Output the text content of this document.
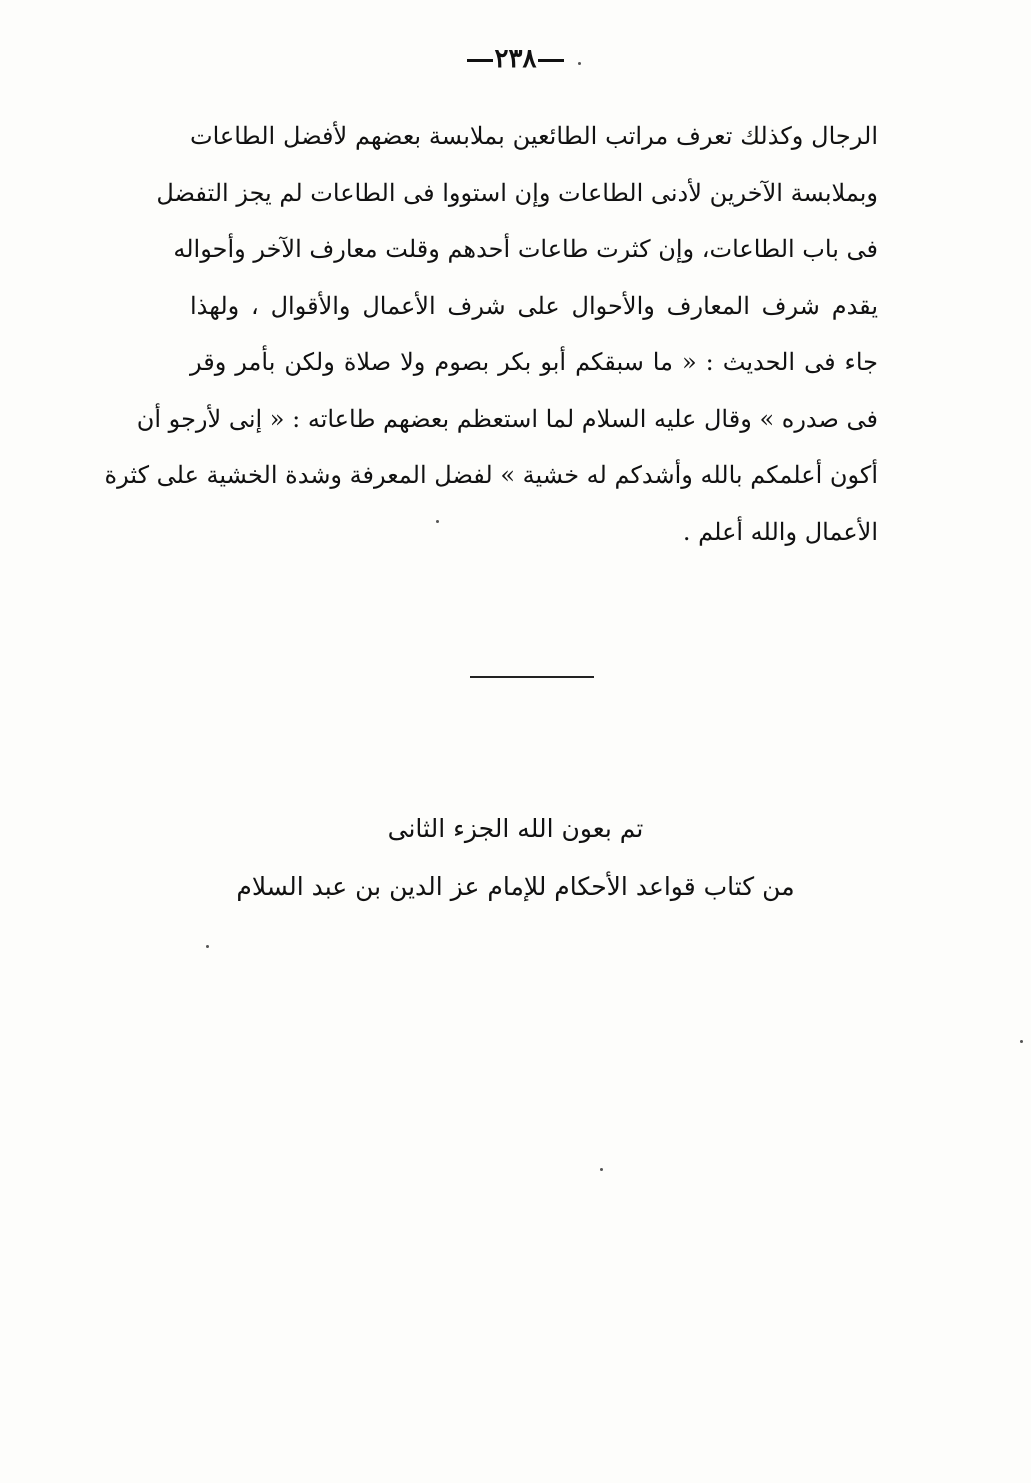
٢٣٨
الرجال وكذلك تعرف مراتب الطائعين بملابسة بعضهم لأفضل الطاعات
وبملابسة الآخرين لأدنى الطاعات وإن استووا فى الطاعات لم يجز التفضل
فى باب الطاعات، وإن كثرت طاعات أحدهم وقلت معارف الآخر وأحواله
يقدم شرف المعارف والأحوال على شرف الأعمال والأقوال ، ولهذا
جاء فى الحديث : « ما سبقكم أبو بكر بصوم ولا صلاة ولكن بأمر وقر
فى صدره » وقال عليه السلام لما استعظم بعضهم طاعاته : « إنى لأرجو أن
أكون أعلمكم بالله وأشدكم له خشية » لفضل المعرفة وشدة الخشية على كثرة
الأعمال والله أعلم .
تم بعون الله الجزء الثانى
من كتاب قواعد الأحكام للإمام عز الدين بن عبد السلام
